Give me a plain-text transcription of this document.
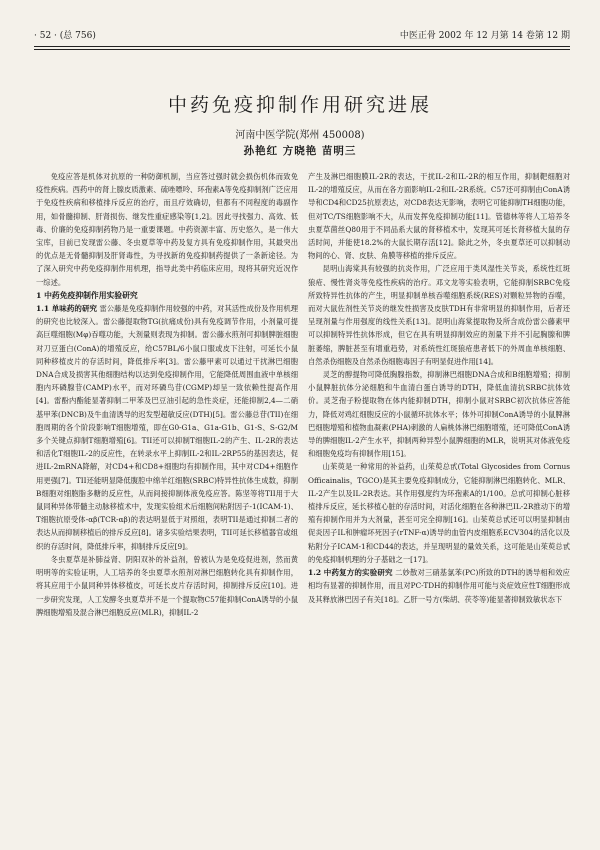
· 52 · (总 756)	中医正骨 2002 年 12 月第 14 卷第 12 期
中药免疫抑制作用研究进展
河南中医学院(郑州 450008)
孙艳红 方晓艳 苗明三

免疫应答是机体对抗原的一种防御机制，当应答过强时就会损伤机体而致免疫性疾病。西药中的肾上腺皮质激素、硫唑嘌呤、环孢素A等免疫抑制剂广泛应用于免疫性疾病和移植排斥反应的治疗，而且疗效确切，但都有不同程度的毒副作用，如骨髓抑制、肝肾损伤、继发性重症感染等[1,2]。因此寻找强力、高效、低毒、价廉的免疫抑制药物乃是一重要课题。中药资源丰富、历史悠久，是一伟大宝库，目前已发现雷公藤、冬虫夏草等中药及复方具有免疫抑制作用，其最突出的优点是无骨髓抑制及肝肾毒性，为寻找新的免疫抑制药提供了一条新途径。为了深入研究中药免疫抑制作用机理，指导此类中药临床应用，现将其研究近况作一综述。

1 中药免疫抑制作用实验研究

1.1 单味药的研究 雷公藤是免疫抑制作用较强的中药，对其活性成份及作用机理的研究也比较深入。雷公藤提取物TG(抗痛成份)具有免疫调节作用，小剂量可提高巨噬细胞(Mφ)吞噬功能，大剂量则表现为抑制。雷公藤水煎剂可抑制脾脏细胞对刀豆蛋白(ConA)的增殖反应，给C57BL/6小鼠口服或皮下注射，可延长小鼠同种移植皮片的存活时间，降低排斥率[3]。雷公藤甲素可以通过干扰淋巴细胞DNA合成及损害其他细胞结构以达到免疫抑制作用，它能降低周围血液中单核细胞内环磷腺苷(CAMP)水平，而对环磷鸟苷(CGMP)却呈一致依赖性提高作用[4]。雷酚内酯能显著抑制二甲苯及巴豆油引起的急性炎症，还能抑制2,4—二硝基甲苯(DNCB)及牛血清诱导的迟发型超敏反应(DTH)[5]。雷公藤总苷(TII)在细胞周期的各个阶段影响T细胞增殖，即在G0-G1a、G1a-G1b、G1-S、S-G2/M多个关键点抑制T细胞增殖[6]。TII还可以抑制T细胞IL-2的产生、IL-2R的表达和活化T细胞IL-2的反应性，在转录水平上抑制IL-2和IL-2RP55的基因表达，促进IL-2mRNA降解，对CD4+和CD8+细胞均有抑制作用，其中对CD4+细胞作用更强[7]。TII还能明显降低腹腔中绵羊红细胞(SRBC)特异性抗体生成数，抑制B细胞对细胞脂多糖的反应性，从而间接抑制体液免疫应答。陈坚等将TII用于大鼠同种异体带髓主动脉移植术中，发现实验组术后细胞间粘附因子-1(ICAM-1)、T细胞抗原受体-αβ(TCR-αβ)的表达明显低于对照组，表明TII是通过抑制二者的表达从而抑制移植后的排斥反应[8]。诸多实验结果表明，TII可延长移植器官或组织的存活时间，降低排斥率，抑制排斥反应[9]。

冬虫夏草是补肺益肾、阴阳双补的补益剂，曾被认为是免疫促进剂，然而黄明明等的实验证明，人工培养的冬虫夏草水煎剂对淋巴细胞转化具有抑制作用，将其应用于小鼠同种异体移植皮，可延长皮片存活时间，抑制排斥反应[10]。进一步研究发现，人工发酵冬虫夏草并不是一个提取物C57能抑制ConA诱导的小鼠脾细胞增殖及混合淋巴细胞反应(MLR)，抑制IL-2

产生及淋巴细胞膜IL-2R的表达，干扰IL-2和IL-2R的相互作用，抑制靶细胞对IL-2的增殖反应，从而在各方面影响IL-2和IL-2R系统。C57还可抑制由ConA诱导和CD4和CD25抗原表达，对CD8表达无影响，表明它可能抑制TH细胞功能，但对TC/TS细胞影响不大，从而发挥免疫抑制功能[11]。管德林等将人工培养冬虫夏草菌丝Q80用于不同品系大鼠的肾移植术中，发现其可延长肾移植大鼠的存活时间，并能使18.2%的大鼠长期存活[12]。除此之外，冬虫夏草还可以抑制动物间的心、肾、皮肤、角膜等移植的排斥反应。

昆明山海棠具有较强的抗炎作用，广泛应用于类风湿性关节炎，系统性红斑狼疮、慢性肾炎等免疫性疾病的治疗。邓文龙等实验表明，它能抑制SRBC免疫所致特异性抗体的产生，明显抑制单核吞噬细胞系统(RES)对颗粒异物的吞噬，而对大鼠佐剂性关节炎的继发性损害及皮肤TDH有非常明显的抑制作用，后者还呈现剂量与作用强度的线性关系[13]。昆明山海棠提取物及所含成份雷公藤素甲可以抑制特异性抗体形成，但它在具有明显抑制效应的剂量下并不引起胸腺和脾脏萎缩，脾脏甚至有增重趋势，对系统性红斑狼疮患者低下的外周血单核细胞、自然杀伤细胞及自然杀伤细胞毒因子有明显促进作用[14]。

灵芝的醇提物可降低胸腺指数，抑制淋巴细胞DNA合成和B细胞增殖；抑制小鼠脾脏抗体分泌细胞和牛血清白蛋白诱导的DTH，降低血清抗SRBC抗体效价。灵芝孢子粉提取物在体内能抑制DTH，抑制小鼠对SRBC初次抗体应答能力，降低对鸡红细胞反应的小鼠循环抗体水平；体外可抑制ConA诱导的小鼠脾淋巴细胞增殖和植物血凝素(PHA)刺激的人扁桃体淋巴细胞增殖，还可降低ConA诱导的脾细胞IL-2产生水平，抑制两种异型小鼠脾细胞的MLR，说明其对体液免疫和细胞免疫均有抑制作用[15]。

山茱萸是一种常用的补益药，山茱萸总甙(Total Glycosides from Cornus Officainalis，TGCO)是其主要免疫抑制成分，它能抑制淋巴细胞转化、MLR、IL-2产生以及IL-2R表达。其作用强度约为环孢素A的1/100。总甙可抑制心脏移植排斥反应，延长移植心脏的存活时间，对活化细胞在各种淋巴IL-2R推动下的增殖有抑制作用并为大剂量，甚至可完全抑制[16]。山茱萸总甙还可以明显抑制由促炎因子IL和肿瘤坏死因子(rTNF-α)诱导的血管内皮细胞系ECV304的活化以及粘附分子ICAM-1和CD44的表达，并呈现明显的量效关系，这可能是山茱萸总甙的免疫抑制机理的分子基础之一[17]。

1.2 中药复方的实验研究 二妙散对三硝基氯苯(PC)所致的DTH的诱导相和效应相均有显著的抑制作用，而且对PC-TDH的抑制作用可能与炎症效应性T细胞形成及其释放淋巴因子有关[18]。乙肝一号方(柴胡、茯苓等)能显著抑制致敏状态下
